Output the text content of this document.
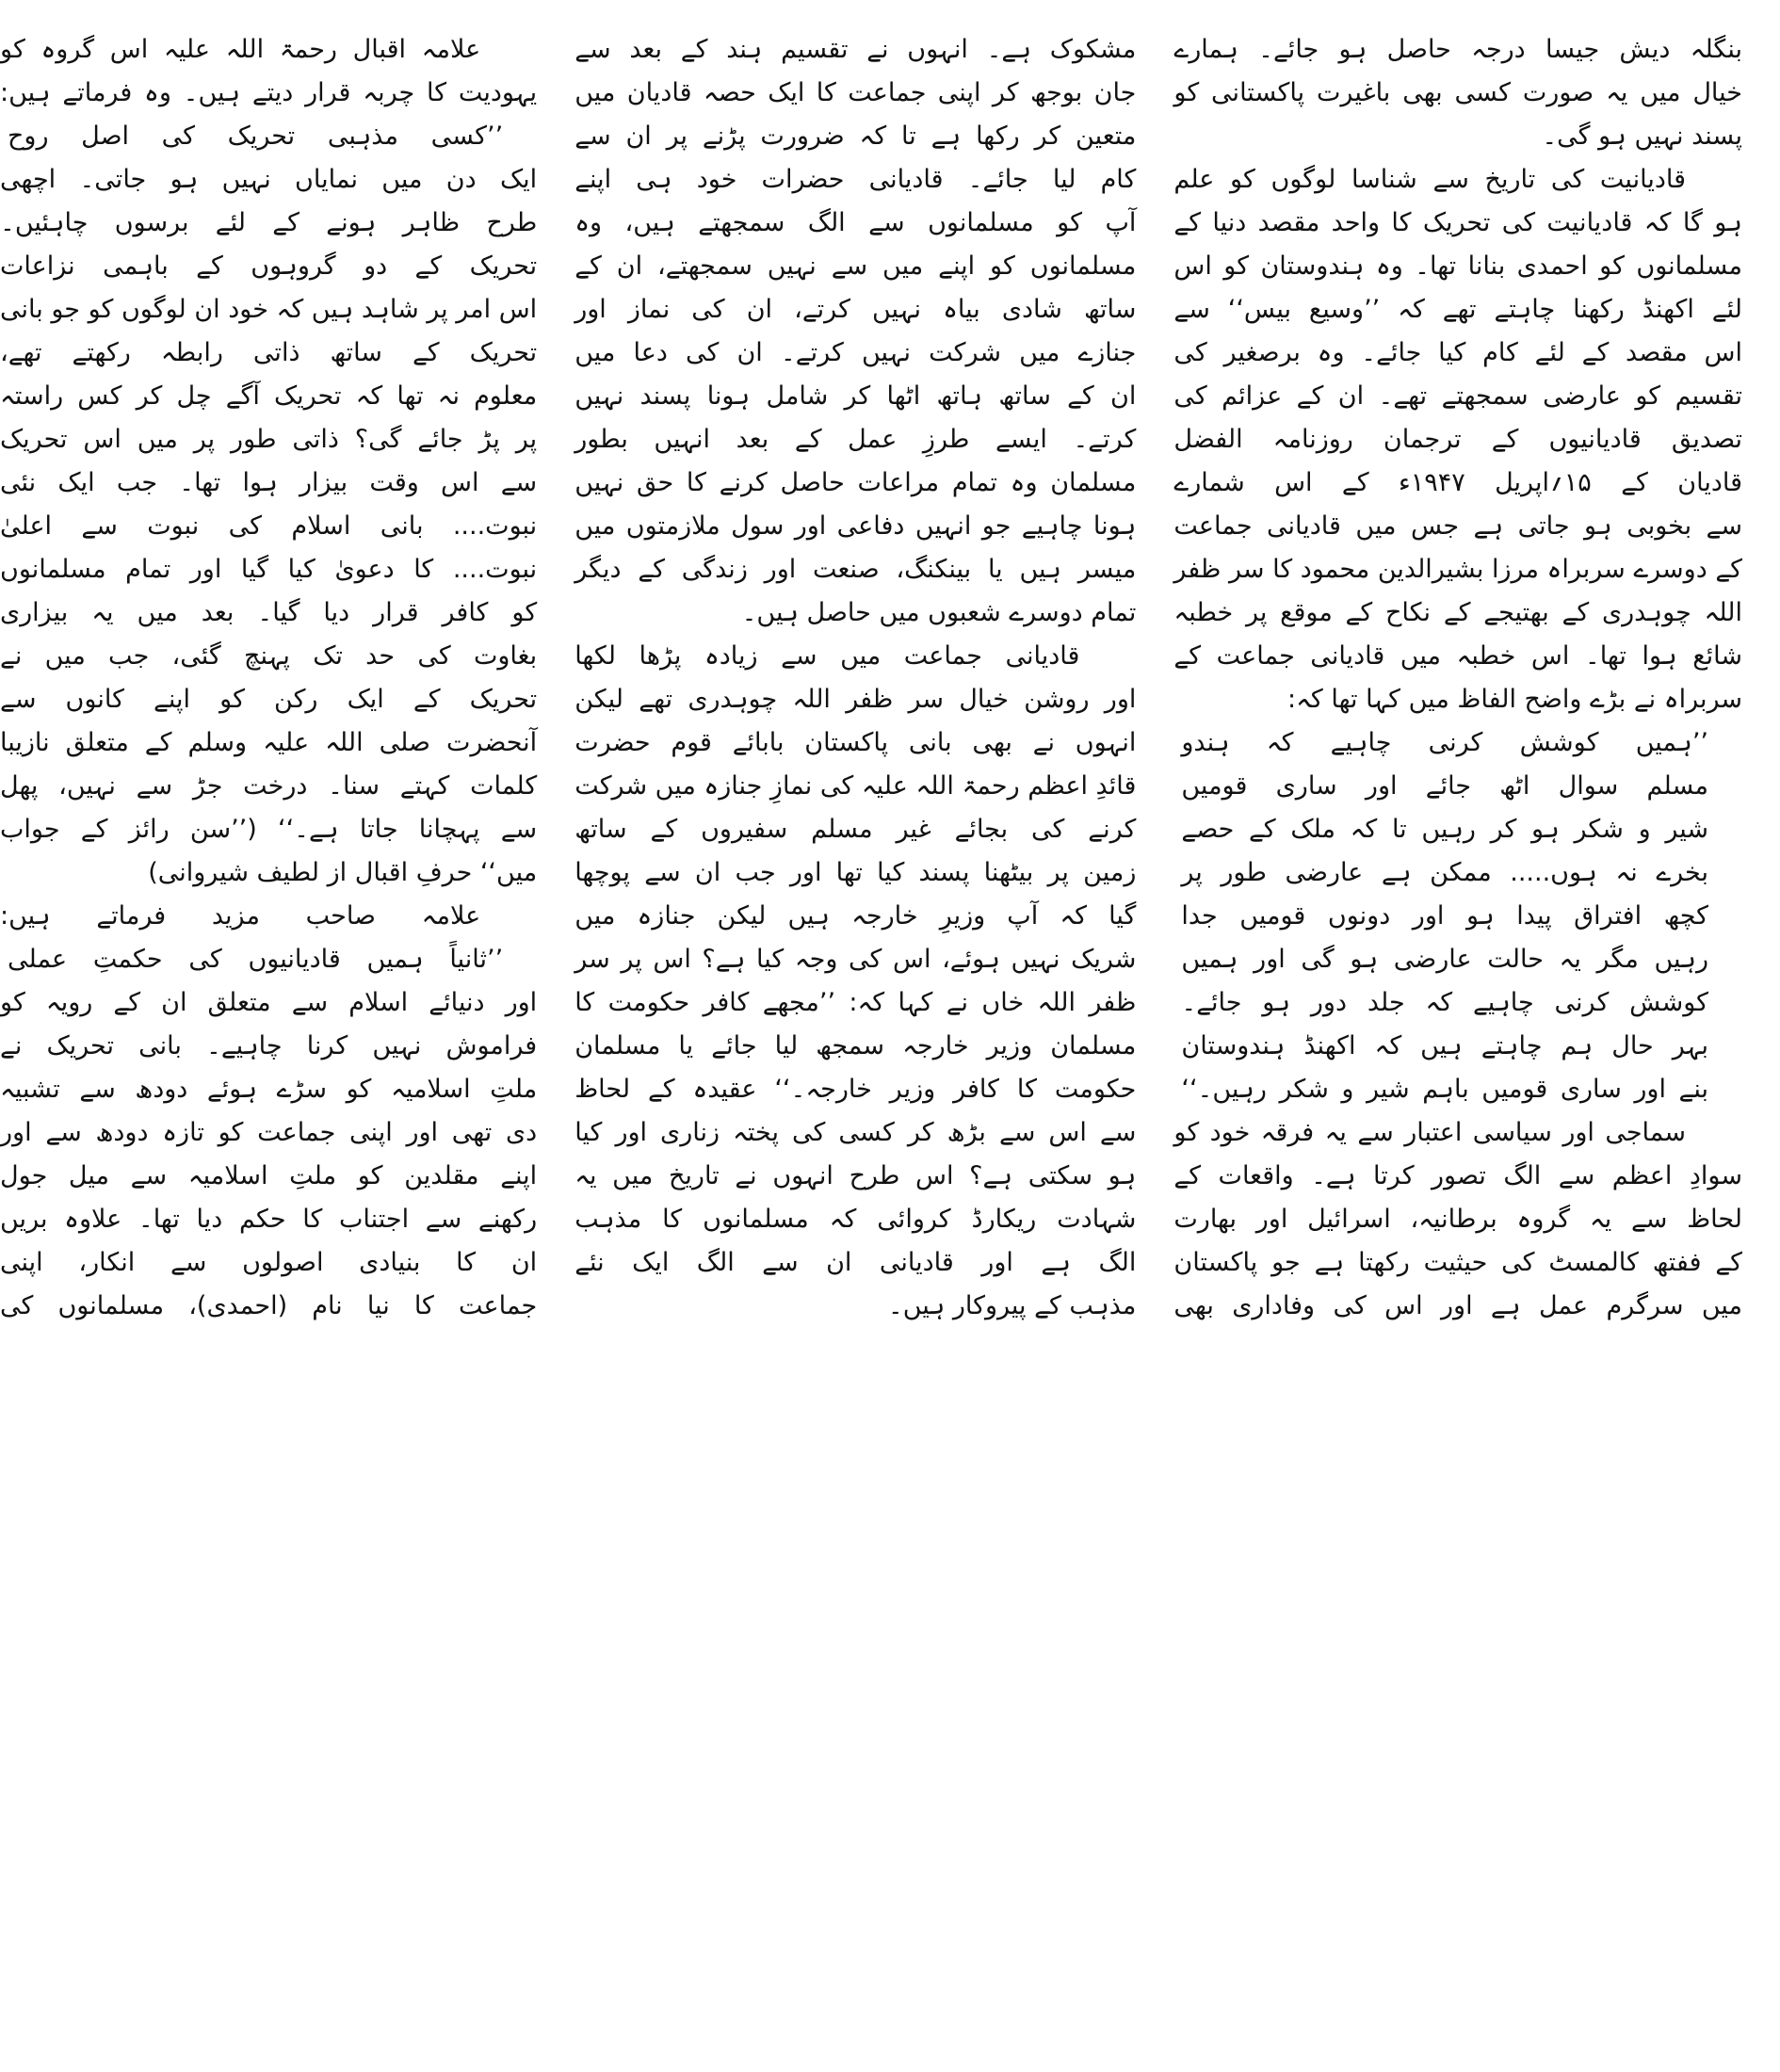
بنگلہ دیش جیسا درجہ حاصل ہو جائے۔ ہمارے
خیال میں یہ صورت کسی بھی باغیرت پاکستانی کو
پسند نہیں ہو گی۔
قادیانیت کی تاریخ سے شناسا لوگوں کو علم
ہو گا کہ قادیانیت کی تحریک کا واحد مقصد دنیا کے
مسلمانوں کو احمدی بنانا تھا۔ وہ ہندوستان کو اس
لئے اکھنڈ رکھنا چاہتے تھے کہ ’’وسیع بیس‘‘ سے
اس مقصد کے لئے کام کیا جائے۔ وہ برصغیر کی
تقسیم کو عارضی سمجھتے تھے۔ ان کے عزائم کی
تصدیق قادیانیوں کے ترجمان روزنامہ الفضل
قادیان کے ۱۵؍اپریل ۱۹۴۷ء کے اس شمارے
سے بخوبی ہو جاتی ہے جس میں قادیانی جماعت
کے دوسرے سربراہ مرزا بشیرالدین محمود کا سر ظفر
اللہ چوہدری کے بھتیجے کے نکاح کے موقع پر خطبہ
شائع ہوا تھا۔ اس خطبہ میں قادیانی جماعت کے
سربراہ نے بڑے واضح الفاظ میں کہا تھا کہ:
’’ہمیں کوشش کرنی چاہیے کہ ہندو
مسلم سوال اٹھ جائے اور ساری قومیں
شیر و شکر ہو کر رہیں تا کہ ملک کے حصے
بخرے نہ ہوں..... ممکن ہے عارضی طور پر
کچھ افتراق پیدا ہو اور دونوں قومیں جدا
رہیں مگر یہ حالت عارضی ہو گی اور ہمیں
کوشش کرنی چاہیے کہ جلد دور ہو جائے۔
بہر حال ہم چاہتے ہیں کہ اکھنڈ ہندوستان
بنے اور ساری قومیں باہم شیر و شکر رہیں۔‘‘
سماجی اور سیاسی اعتبار سے یہ فرقہ خود کو
سوادِ اعظم سے الگ تصور کرتا ہے۔ واقعات کے
لحاظ سے یہ گروہ برطانیہ، اسرائیل اور بھارت
کے ففتھ کالمسٹ کی حیثیت رکھتا ہے جو پاکستان
میں سرگرم عمل ہے اور اس کی وفاداری بھی
مشکوک ہے۔ انہوں نے تقسیم ہند کے بعد سے
جان بوجھ کر اپنی جماعت کا ایک حصہ قادیان میں
متعین کر رکھا ہے تا کہ ضرورت پڑنے پر ان سے
کام لیا جائے۔ قادیانی حضرات خود ہی اپنے
آپ کو مسلمانوں سے الگ سمجھتے ہیں، وہ
مسلمانوں کو اپنے میں سے نہیں سمجھتے، ان کے
ساتھ شادی بیاہ نہیں کرتے، ان کی نماز اور
جنازے میں شرکت نہیں کرتے۔ ان کی دعا میں
ان کے ساتھ ہاتھ اٹھا کر شامل ہونا پسند نہیں
کرتے۔ ایسے طرزِ عمل کے بعد انہیں بطور
مسلمان وہ تمام مراعات حاصل کرنے کا حق نہیں
ہونا چاہیے جو انہیں دفاعی اور سول ملازمتوں میں
میسر ہیں یا بینکنگ، صنعت اور زندگی کے دیگر
تمام دوسرے شعبوں میں حاصل ہیں۔
قادیانی جماعت میں سے زیادہ پڑھا لکھا
اور روشن خیال سر ظفر اللہ چوہدری تھے لیکن
انہوں نے بھی بانی پاکستان بابائے قوم حضرت
قائدِ اعظم رحمۃ اللہ علیہ کی نمازِ جنازہ میں شرکت
کرنے کی بجائے غیر مسلم سفیروں کے ساتھ
زمین پر بیٹھنا پسند کیا تھا اور جب ان سے پوچھا
گیا کہ آپ وزیرِ خارجہ ہیں لیکن جنازہ میں
شریک نہیں ہوئے، اس کی وجہ کیا ہے؟ اس پر سر
ظفر اللہ خاں نے کہا کہ: ’’مجھے کافر حکومت کا
مسلمان وزیر خارجہ سمجھ لیا جائے یا مسلمان
حکومت کا کافر وزیر خارجہ۔‘‘ عقیدہ کے لحاظ
سے اس سے بڑھ کر کسی کی پختہ زناری اور کیا
ہو سکتی ہے؟ اس طرح انہوں نے تاریخ میں یہ
شہادت ریکارڈ کروائی کہ مسلمانوں کا مذہب
الگ ہے اور قادیانی ان سے الگ ایک نئے
مذہب کے پیروکار ہیں۔
علامہ اقبال رحمۃ اللہ علیہ اس گروہ کو
یہودیت کا چربہ قرار دیتے ہیں۔ وہ فرماتے ہیں:
’’کسی مذہبی تحریک کی اصل روح
ایک دن میں نمایاں نہیں ہو جاتی۔ اچھی
طرح ظاہر ہونے کے لئے برسوں چاہئیں۔
تحریک کے دو گروہوں کے باہمی نزاعات
اس امر پر شاہد ہیں کہ خود ان لوگوں کو جو بانی
تحریک کے ساتھ ذاتی رابطہ رکھتے تھے،
معلوم نہ تھا کہ تحریک آگے چل کر کس راستہ
پر پڑ جائے گی؟ ذاتی طور پر میں اس تحریک
سے اس وقت بیزار ہوا تھا۔ جب ایک نئی
نبوت.... بانی اسلام کی نبوت سے اعلیٰ
نبوت.... کا دعویٰ کیا گیا اور تمام مسلمانوں
کو کافر قرار دیا گیا۔ بعد میں یہ بیزاری
بغاوت کی حد تک پہنچ گئی، جب میں نے
تحریک کے ایک رکن کو اپنے کانوں سے
آنحضرت صلی اللہ علیہ وسلم کے متعلق نازیبا
کلمات کہتے سنا۔ درخت جڑ سے نہیں، پھل
سے پہچانا جاتا ہے۔‘‘ (’’سن رائز کے جواب
میں‘‘ حرفِ اقبال از لطیف شیروانی)
علامہ صاحب مزید فرماتے ہیں:
’’ثانیاً ہمیں قادیانیوں کی حکمتِ عملی
اور دنیائے اسلام سے متعلق ان کے رویہ کو
فراموش نہیں کرنا چاہیے۔ بانی تحریک نے
ملتِ اسلامیہ کو سڑے ہوئے دودھ سے تشبیہ
دی تھی اور اپنی جماعت کو تازہ دودھ سے اور
اپنے مقلدین کو ملتِ اسلامیہ سے میل جول
رکھنے سے اجتناب کا حکم دیا تھا۔ علاوہ بریں
ان کا بنیادی اصولوں سے انکار، اپنی
جماعت کا نیا نام (احمدی)، مسلمانوں کی
